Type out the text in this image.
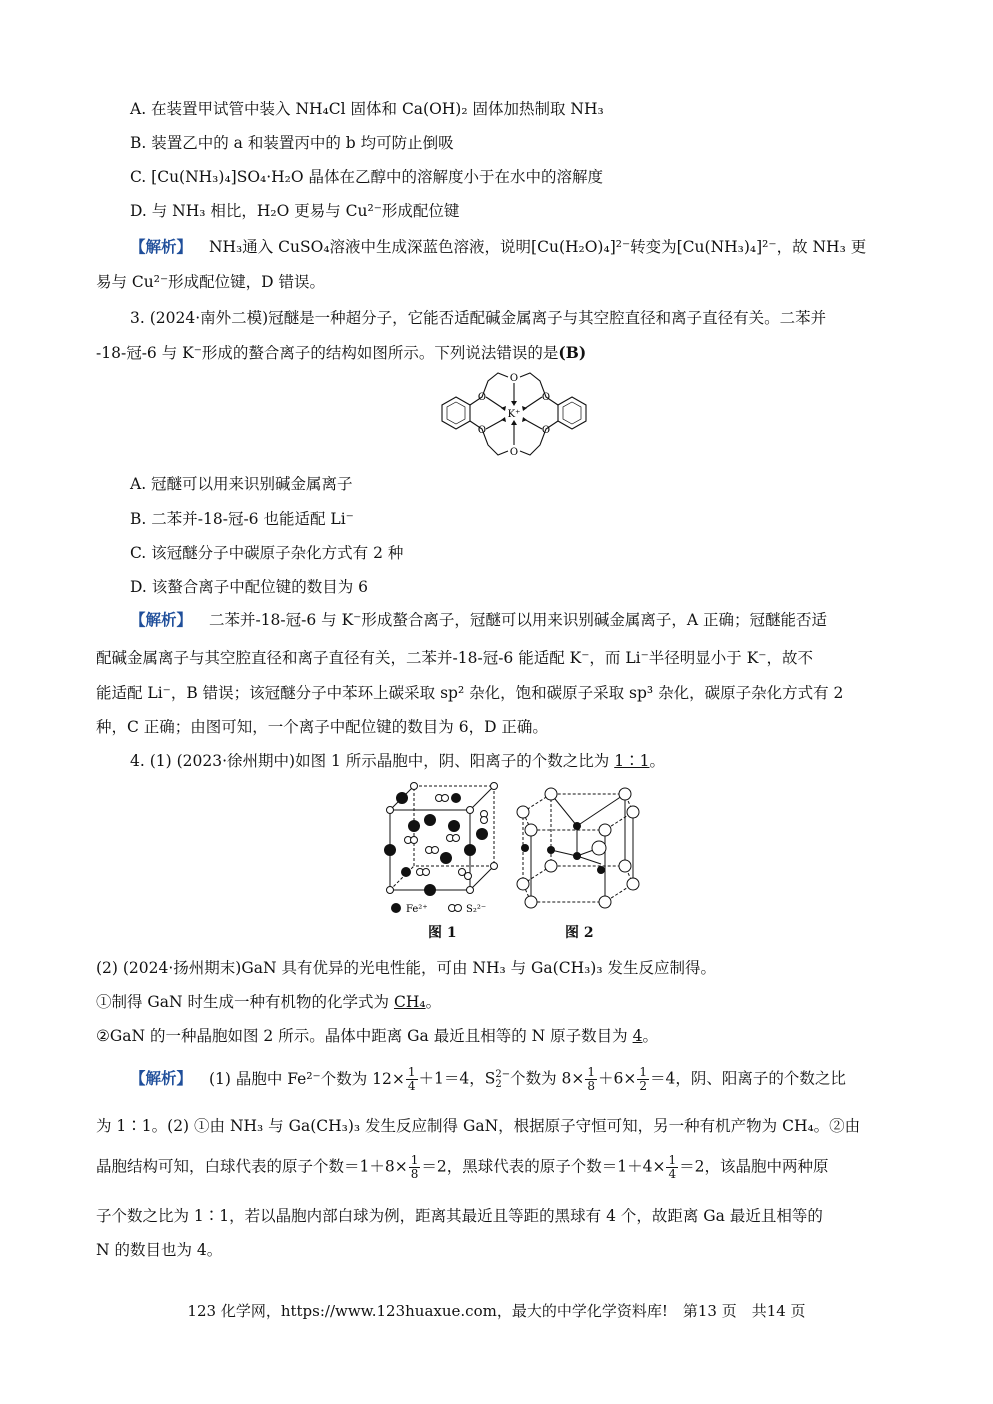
A. 在装置甲试管中装入 NH₄Cl 固体和 Ca(OH)₂ 固体加热制取 NH₃
B. 装置乙中的 a 和装置丙中的 b 均可防止倒吸
C. [Cu(NH₃)₄]SO₄·H₂O 晶体在乙醇中的溶解度小于在水中的溶解度
D. 与 NH₃ 相比，H₂O 更易与 Cu²⁻形成配位键
【解析】 NH₃通入 CuSO₄溶液中生成深蓝色溶液，说明[Cu(H₂O)₄]²⁻转变为[Cu(NH₃)₄]²⁻，故 NH₃ 更
易与 Cu²⁻形成配位键，D 错误。
3. (2024·南外二模)冠醚是一种超分子，它能否适配碱金属离子与其空腔直径和离子直径有关。二苯并
-18-冠-6 与 K⁻形成的螯合离子的结构如图所示。下列说法错误的是(B)
O
O
O	O
O	O
K⁺
A. 冠醚可以用来识别碱金属离子
B. 二苯并-18-冠-6 也能适配 Li⁻
C. 该冠醚分子中碳原子杂化方式有 2 种
D. 该螯合离子中配位键的数目为 6
【解析】 二苯并-18-冠-6 与 K⁻形成螯合离子，冠醚可以用来识别碱金属离子，A 正确；冠醚能否适
配碱金属离子与其空腔直径和离子直径有关，二苯并-18-冠-6 能适配 K⁻，而 Li⁻半径明显小于 K⁻，故不
能适配 Li⁻，B 错误；该冠醚分子中苯环上碳采取 sp² 杂化，饱和碳原子采取 sp³ 杂化，碳原子杂化方式有 2
种，C 正确；由图可知，一个离子中配位键的数目为 6，D 正确。
4. (1) (2023·徐州期中)如图 1 所示晶胞中，阴、阳离子的个数之比为 1∶1。
Fe²⁺	S₂²⁻
图 1	图 2
(2) (2024·扬州期末)GaN 具有优异的光电性能，可由 NH₃ 与 Ga(CH₃)₃ 发生反应制得。
①制得 GaN 时生成一种有机物的化学式为 CH₄。
②GaN 的一种晶胞如图 2 所示。晶体中距离 Ga 最近且相等的 N 原子数目为 4。
【解析】 (1) 晶胞中 Fe²⁻个数为 $12\times \frac{1}{4} +1=4$，S 2−
2 个数为 $8\times \frac{1}{8} +6\times \frac{1}{2} =4$，阴、阳离子的个数之比
为 1∶1。(2) ①由 NH₃ 与 Ga(CH₃)₃ 发生反应制得 GaN，根据原子守恒可知，另一种有机产物为 CH₄。②由
晶胞结构可知，白球代表的原子个数$=1+8\times \frac{1}{8} =2$，黑球代表的原子个数$=1+4\times \frac{1}{4} =2$，该晶胞中两种原
子个数之比为 1∶1，若以晶胞内部白球为例，距离其最近且等距的黑球有 4 个，故距离 Ga 最近且相等的
N 的数目也为 4。
123 化学网，https://www.123huaxue.com，最大的中学化学资料库!　第13 页　共14 页
